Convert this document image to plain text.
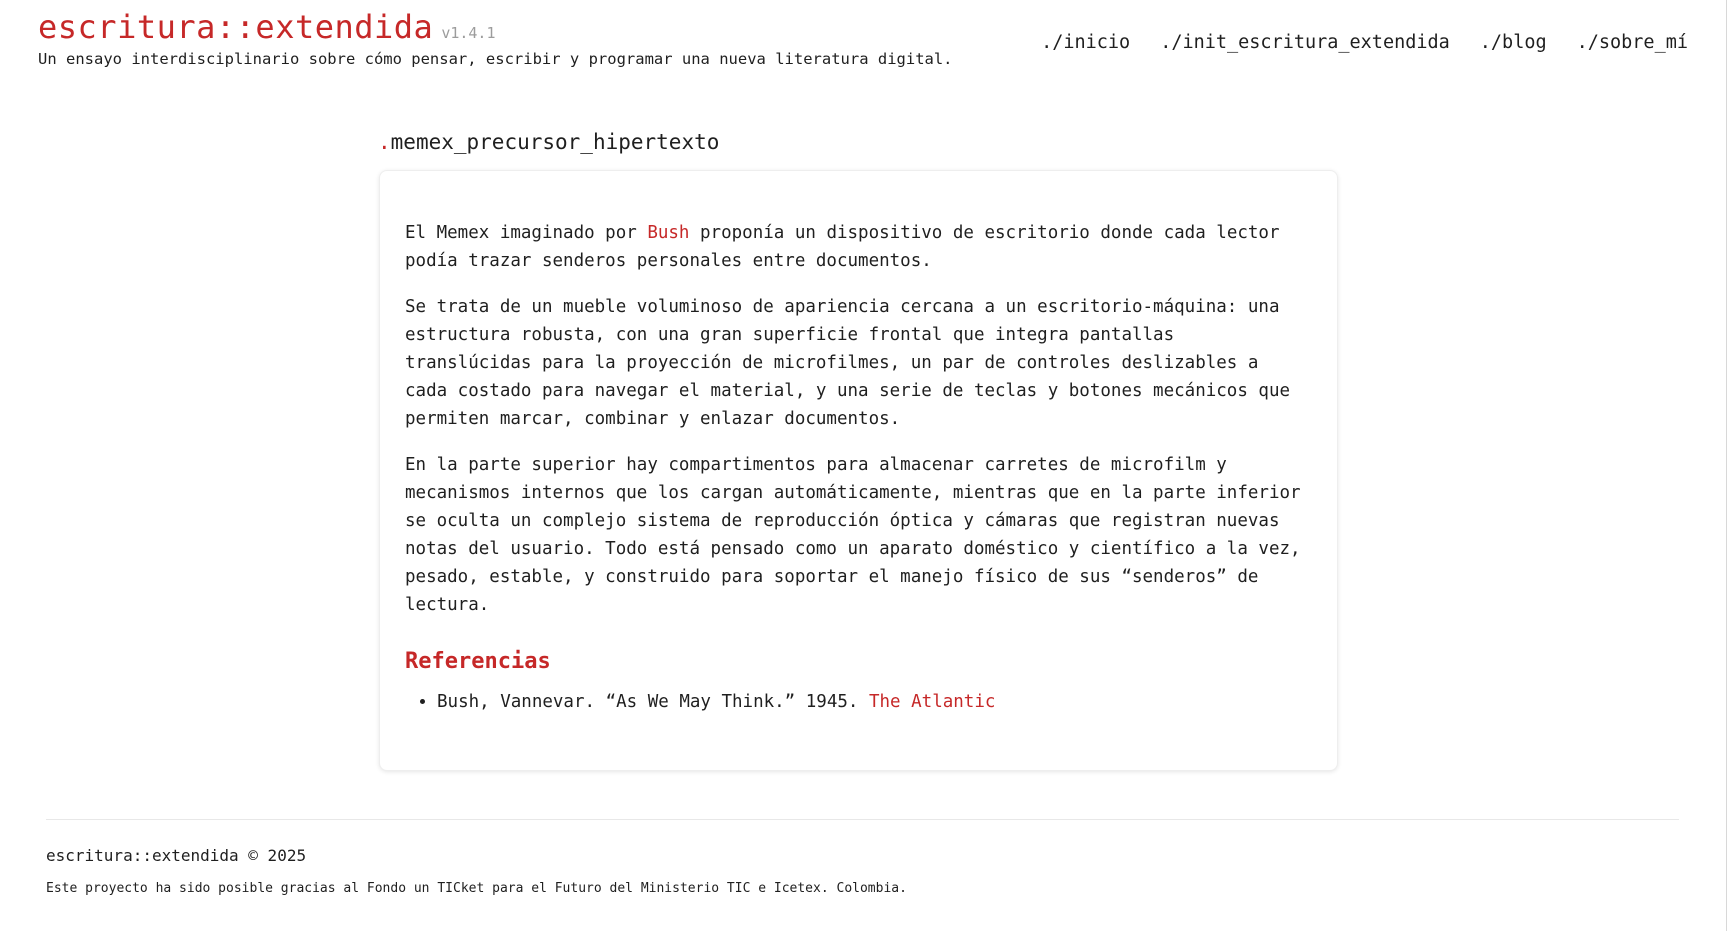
escritura::extendida v1.4.1
Un ensayo interdisciplinario sobre cómo pensar, escribir y programar una nueva literatura digital.
./inicio ./init_escritura_extendida ./blog ./sobre_mí
.memex_precursor_hipertexto

El Memex imaginado por Bush proponía un dispositivo de escritorio donde cada lector podía trazar senderos personales entre documentos.

Se trata de un mueble voluminoso de apariencia cercana a un escritorio-máquina: una estructura robusta, con una gran superficie frontal que integra pantallas translúcidas para la proyección de microfilmes, un par de controles deslizables a cada costado para navegar el material, y una serie de teclas y botones mecánicos que permiten marcar, combinar y enlazar documentos.

En la parte superior hay compartimentos para almacenar carretes de microfilm y mecanismos internos que los cargan automáticamente, mientras que en la parte inferior se oculta un complejo sistema de reproducción óptica y cámaras que registran nuevas notas del usuario. Todo está pensado como un aparato doméstico y científico a la vez, pesado, estable, y construido para soportar el manejo físico de sus “senderos” de lectura.

Referencias
• Bush, Vannevar. “As We May Think.” 1945. The Atlantic
escritura::extendida © 2025
Este proyecto ha sido posible gracias al Fondo un TICket para el Futuro del Ministerio TIC e Icetex. Colombia.
